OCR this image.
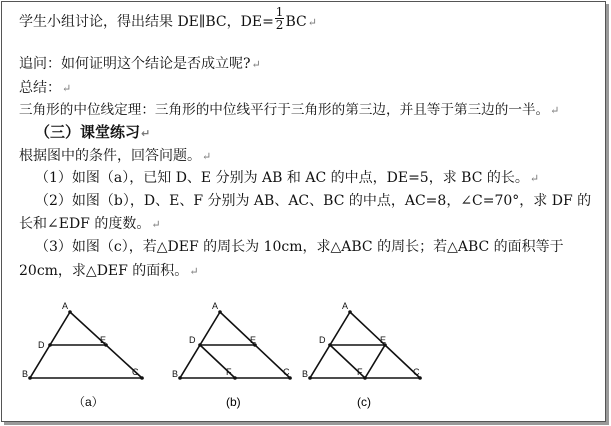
学生小组讨论，得出结果 DE∥BC，$DE= \frac{1}{2}$ BC↵
追问：如何证明这个结论是否成立呢?↵
总结：↵
三角形的中位线定理：三角形的中位线平行于三角形的第三边，并且等于第三边的一半。↵
（三）课堂练习↵
根据图中的条件，回答问题。↵
（1）如图（a），已知 D、E 分别为 AB 和 AC 的中点，DE=5，求 BC 的长。↵
（2）如图（b），D、E、F 分别为 AB、AC、BC 的中点，AC=8，∠C=70°，求 DF 的
长和∠EDF 的度数。↵
（3）如图（c），若△DEF 的周长为 10cm，求△ABC 的周长；若△ABC 的面积等于
20cm，求△DEF 的面积。↵
A
B	C
D	E
（a）
A
B	C
D	E
F
(b)
A
B	C
D	E
F
(c)
